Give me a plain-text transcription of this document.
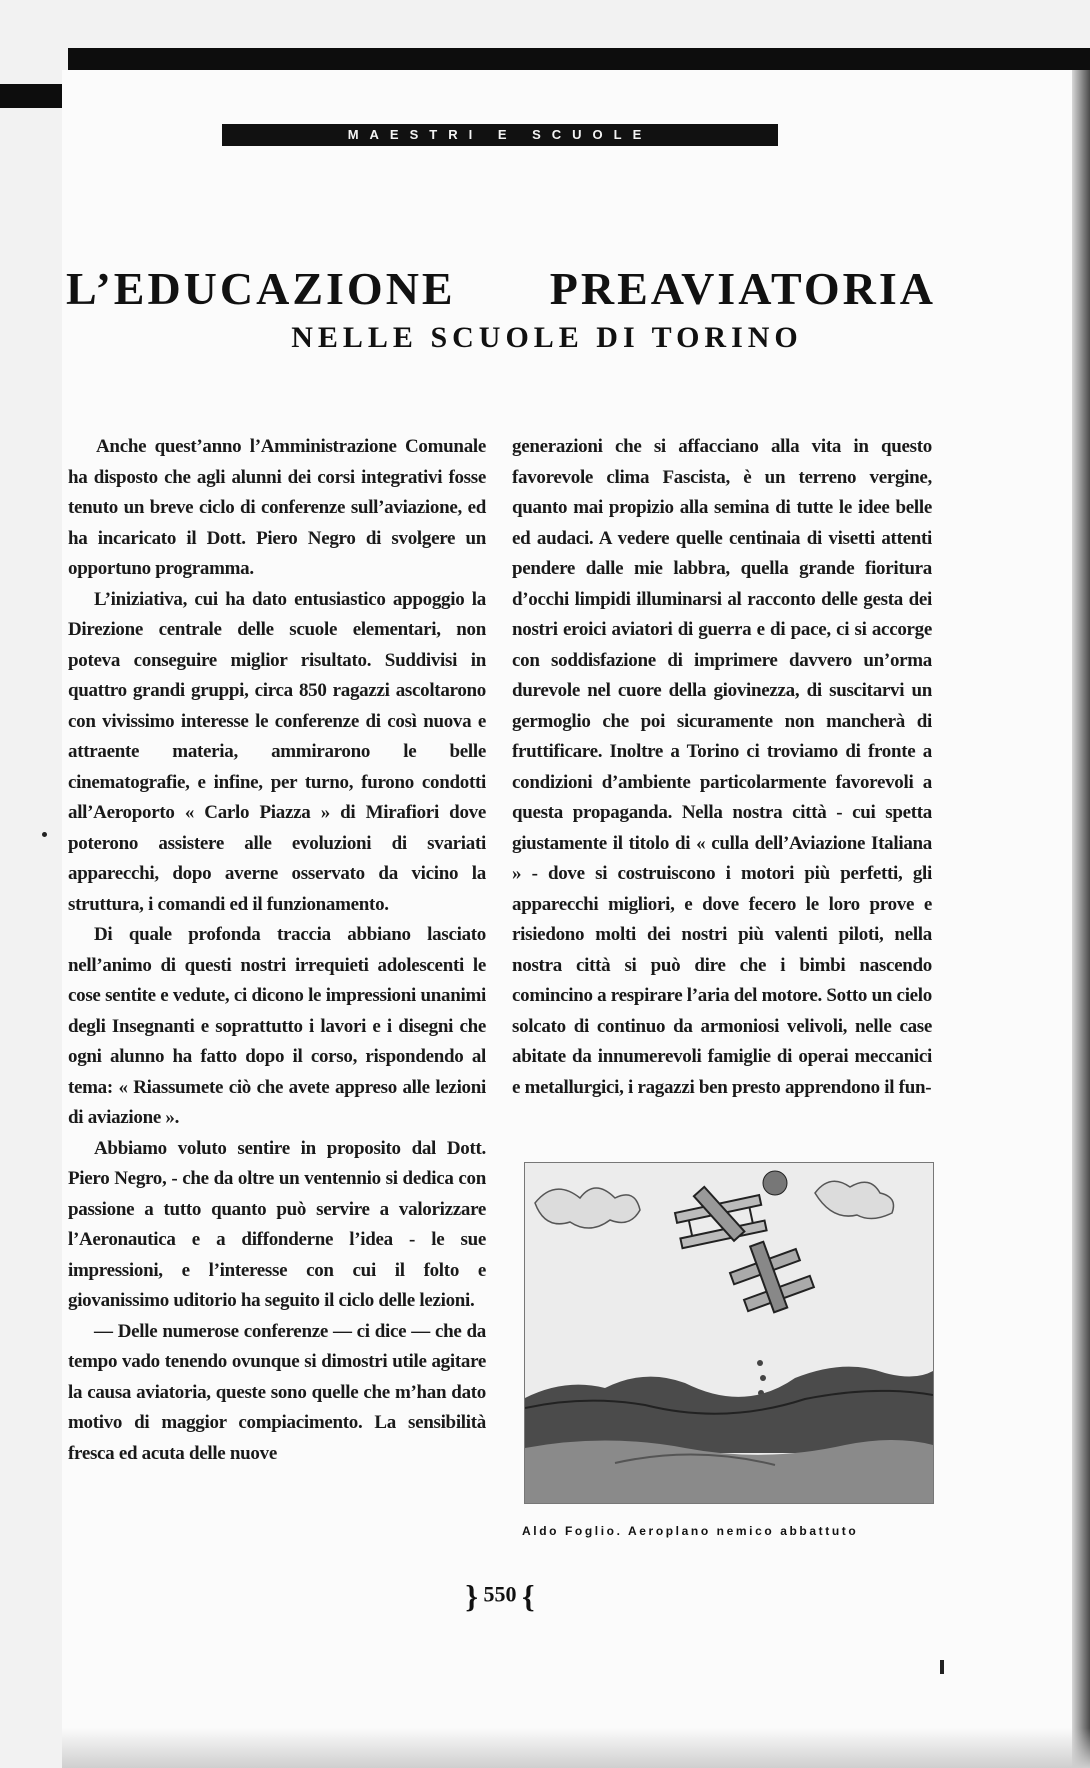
MAESTRI E SCUOLE
L’EDUCAZIONE PREAVIATORIA
NELLE SCUOLE DI TORINO

Anche quest’anno l’Amministrazione Comunale ha disposto che agli alunni dei corsi integrativi fosse tenuto un breve ciclo di conferenze sull’aviazione, ed ha incaricato il Dott. Piero Negro di svolgere un opportuno programma.

L’iniziativa, cui ha dato entusiastico appoggio la Direzione centrale delle scuole elementari, non poteva conseguire miglior risultato. Suddivisi in quattro grandi gruppi, circa 850 ragazzi ascoltarono con vivissimo interesse le conferenze di così nuova e attraente materia, ammirarono le belle cinematografie, e infine, per turno, furono condotti all’Aeroporto « Carlo Piazza » di Mirafiori dove poterono assistere alle evoluzioni di svariati apparecchi, dopo averne osservato da vicino la struttura, i comandi ed il funzionamento.

Di quale profonda traccia abbiano lasciato nell’animo di questi nostri irrequieti adolescenti le cose sentite e vedute, ci dicono le impressioni unanimi degli Insegnanti e soprattutto i lavori e i disegni che ogni alunno ha fatto dopo il corso, rispondendo al tema: « Riassumete ciò che avete appreso alle lezioni di aviazione ».

Abbiamo voluto sentire in proposito dal Dott. Piero Negro, - che da oltre un ventennio si dedica con passione a tutto quanto può servire a valorizzare l’Aeronautica e a diffonderne l’idea - le sue impressioni, e l’interesse con cui il folto e giovanissimo uditorio ha seguito il ciclo delle lezioni.

— Delle numerose conferenze — ci dice — che da tempo vado tenendo ovunque si dimostri utile agitare la causa aviatoria, queste sono quelle che m’han dato motivo di maggior compiacimento. La sensibilità fresca ed acuta delle nuove

generazioni che si affacciano alla vita in questo favorevole clima Fascista, è un terreno vergine, quanto mai propizio alla semina di tutte le idee belle ed audaci. A vedere quelle centinaia di visetti attenti pendere dalle mie labbra, quella grande fioritura d’occhi limpidi illuminarsi al racconto delle gesta dei nostri eroici aviatori di guerra e di pace, ci si accorge con soddisfazione di imprimere davvero un’orma durevole nel cuore della giovinezza, di suscitarvi un germoglio che poi sicuramente non mancherà di fruttificare. Inoltre a Torino ci troviamo di fronte a condizioni d’ambiente particolarmente favorevoli a questa propaganda. Nella nostra città - cui spetta giustamente il titolo di « culla dell’Aviazione Italiana » - dove si costruiscono i motori più perfetti, gli apparecchi migliori, e dove fecero le loro prove e risiedono molti dei nostri più valenti piloti, nella nostra città si può dire che i bimbi nascendo comincino a respirare l’aria del motore. Sotto un cielo solcato di continuo da armoniosi velivoli, nelle case abitate da innumerevoli famiglie di operai meccanici e metallurgici, i ragazzi ben presto apprendono il fun-

Aldo Foglio. Aeroplano nemico abbattuto
} 550 {
